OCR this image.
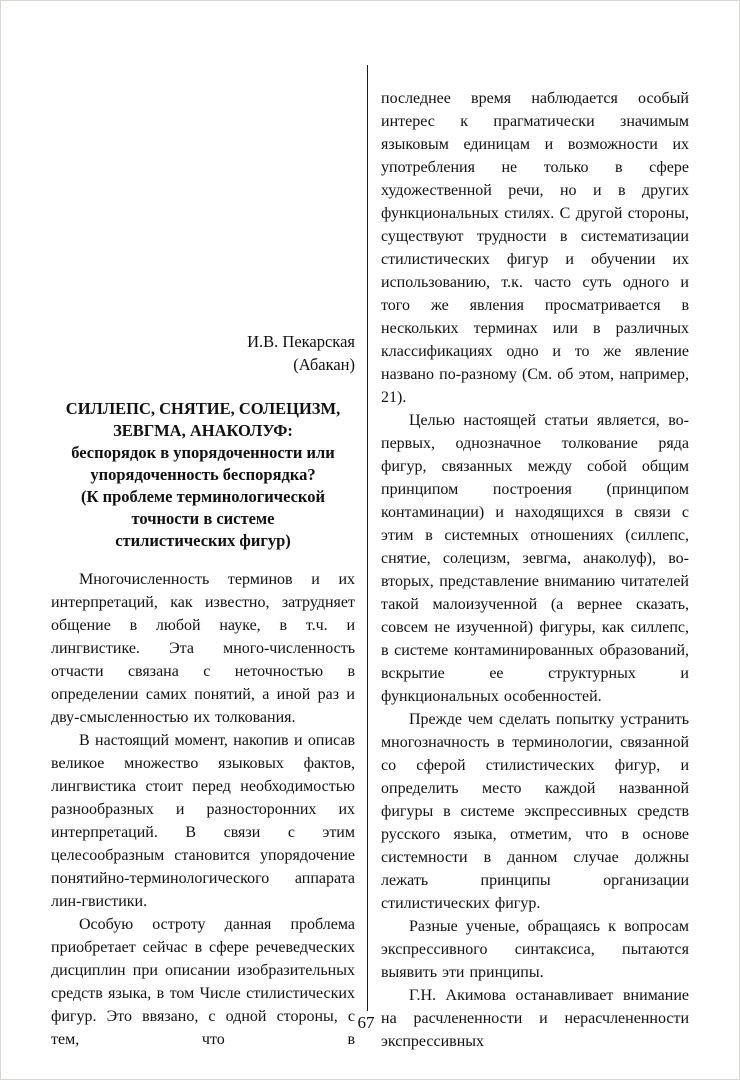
И.В. Пекарская
(Абакан)
СИЛЛЕПС, СНЯТИЕ, СОЛЕЦИЗМ,
ЗЕВГМА, АНАКОЛУФ:
беспорядок в упорядоченности или
упорядоченность беспорядка?
(К проблеме терминологической
точности в системе
стилистических фигур)

Многочисленность терминов и их интерпретаций, как известно, затрудняет общение в любой науке, в т.ч. и лингвистике. Эта много-численность отчасти связана с неточностью в определении самих понятий, а иной раз и дву-смысленностью их толкования.

В настоящий момент, накопив и описав великое множество языковых фактов, лингвистика стоит перед необходимостью разнообразных и разносторонних их интерпретаций. В связи с этим целесообразным становится упорядочение понятийно-терминологического аппарата лин-гвистики.

Особую остроту данная проблема приобретает сейчас в сфере речеведческих дисциплин при описании изобразительных средств языка, в том Числе стилистических фигур. Это ввязано, с одной стороны, с тем, что в

последнее время наблюдается особый интерес к прагматически значимым языковым единицам и возможности их употребления не только в сфере художественной речи, но и в других функциональных стилях. С другой стороны, существуют трудности в систематизации стилистических фигур и обучении их использованию, т.к. часто суть одного и того же явления просматривается в нескольких терминах или в различных классификациях одно и то же явление названо по-разному (См. об этом, например, 21).

Целью настоящей статьи является, во-первых, однозначное толкование ряда фигур, связанных между собой общим принципом построения (принципом контаминации) и находящихся в связи с этим в системных отношениях (силлепс, снятие, солецизм, зевгма, анаколуф), во-вторых, представление вниманию читателей такой малоизученной (а вернее сказать, совсем не изученной) фигуры, как силлепс, в системе контаминированных образований, вскрытие ее структурных и функциональных особенностей.

Прежде чем сделать попытку устранить многозначность в терминологии, связанной со сферой стилистических фигур, и определить место каждой названной фигуры в системе экспрессивных средств русского языка, отметим, что в основе системности в данном случае должны лежать принципы организации стилистических фигур.

Разные ученые, обращаясь к вопросам экспрессивного синтаксиса, пытаются выявить эти принципы.

Г.Н. Акимова останавливает внимание на расчлененности и нерасчлененности экспрессивных

67
